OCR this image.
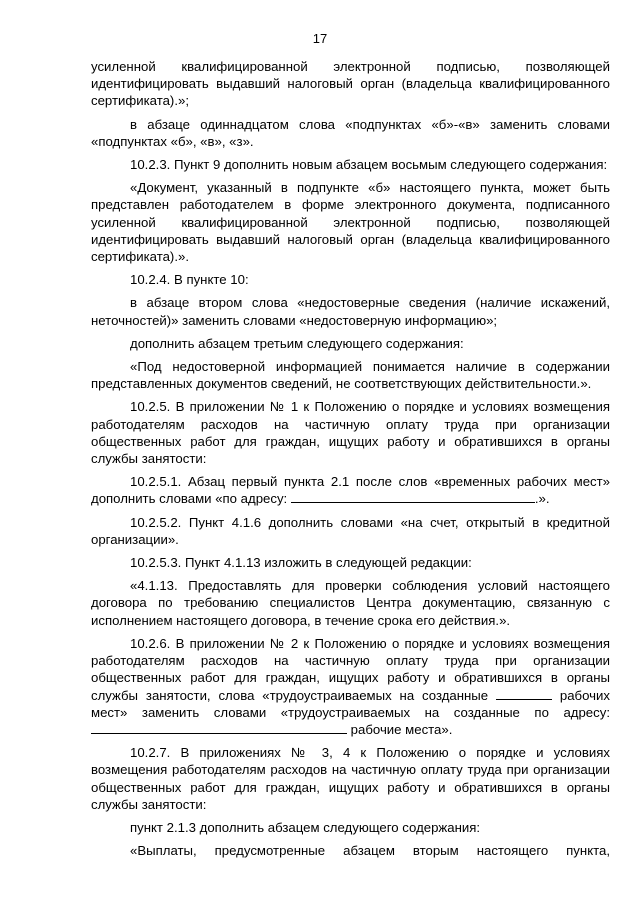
17

усиленной квалифицированной электронной подписью, позволяющей идентифицировать выдавший налоговый орган (владельца квалифицированного сертификата).»;

в абзаце одиннадцатом слова «подпунктах «б»-«в» заменить словами «подпунктах «б», «в», «з».

10.2.3. Пункт 9 дополнить новым абзацем восьмым следующего содержания:

«Документ, указанный в подпункте «б» настоящего пункта, может быть представлен работодателем в форме электронного документа, подписанного усиленной квалифицированной электронной подписью, позволяющей идентифицировать выдавший налоговый орган (владельца квалифицированного сертификата).».

10.2.4. В пункте 10:

в абзаце втором слова «недостоверные сведения (наличие искажений, неточностей)» заменить словами «недостоверную информацию»;

дополнить абзацем третьим следующего содержания:

«Под недостоверной информацией понимается наличие в содержании представленных документов сведений, не соответствующих действительности.».

10.2.5. В приложении № 1 к Положению о порядке и условиях возмещения работодателям расходов на частичную оплату труда при организации общественных работ для граждан, ищущих работу и обратившихся в органы службы занятости:

10.2.5.1. Абзац первый пункта 2.1 после слов «временных рабочих мест» дополнить словами «по адресу:	.».

10.2.5.2. Пункт 4.1.6 дополнить словами «на счет, открытый в кредитной организации».

10.2.5.3. Пункт 4.1.13 изложить в следующей редакции:

«4.1.13. Предоставлять для проверки соблюдения условий настоящего договора по требованию специалистов Центра документацию, связанную с исполнением настоящего договора, в течение срока его действия.».

10.2.6. В приложении № 2 к Положению о порядке и условиях возмещения работодателям расходов на частичную оплату труда при организации общественных работ для граждан, ищущих работу и обратившихся в органы службы занятости, слова «трудоустраиваемых на созданные	рабочих мест» заменить словами «трудоустраиваемых на созданные по адресу:  рабочие места».

10.2.7. В приложениях № 3, 4 к Положению о порядке и условиях возмещения работодателям расходов на частичную оплату труда при организации общественных работ для граждан, ищущих работу и обратившихся в органы службы занятости:

пункт 2.1.3 дополнить абзацем следующего содержания:

«Выплаты, предусмотренные абзацем вторым настоящего пункта,
